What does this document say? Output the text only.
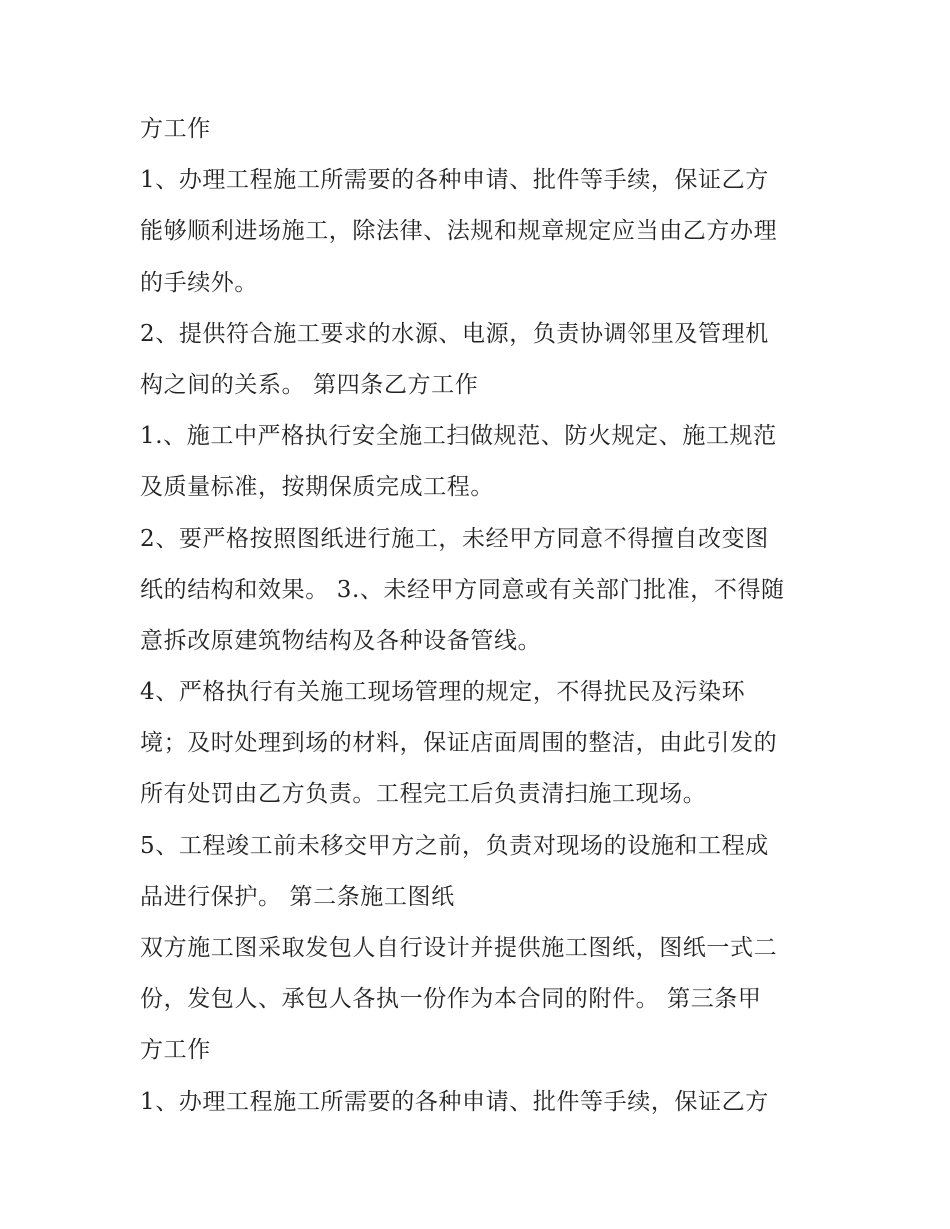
方工作
1、办理工程施工所需要的各种申请、批件等手续，保证乙方
能够顺利进场施工，除法律、法规和规章规定应当由乙方办理
的手续外。
2、提供符合施工要求的水源、电源，负责协调邻里及管理机
构之间的关系。 第四条乙方工作
1.、施工中严格执行安全施工扫做规范、防火规定、施工规范
及质量标准，按期保质完成工程。
2、要严格按照图纸进行施工，未经甲方同意不得擅自改变图
纸的结构和效果。 3.、未经甲方同意或有关部门批准，不得随
意拆改原建筑物结构及各种设备管线。
4、严格执行有关施工现场管理的规定，不得扰民及污染环
境；及时处理到场的材料，保证店面周围的整洁，由此引发的
所有处罚由乙方负责。工程完工后负责清扫施工现场。
5、工程竣工前未移交甲方之前，负责对现场的设施和工程成
品进行保护。 第二条施工图纸
双方施工图采取发包人自行设计并提供施工图纸，图纸一式二
份，发包人、承包人各执一份作为本合同的附件。 第三条甲
方工作
1、办理工程施工所需要的各种申请、批件等手续，保证乙方
